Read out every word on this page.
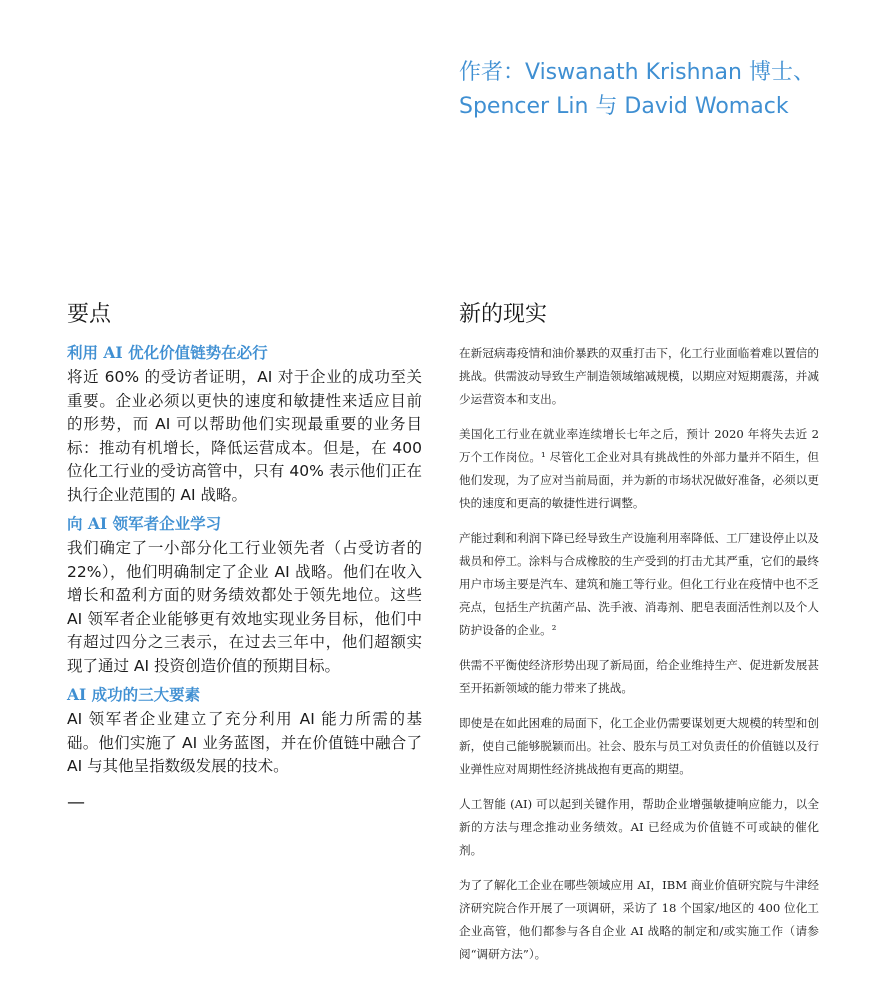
作者：Viswanath Krishnan 博士、
Spencer Lin 与 David Womack
要点
利用 AI 优化价值链势在必行

将近 60% 的受访者证明，AI 对于企业的成功至关重要。企业必须以更快的速度和敏捷性来适应目前的形势，而 AI 可以帮助他们实现最重要的业务目标：推动有机增长，降低运营成本。但是，在 400 位化工行业的受访高管中，只有 40% 表示他们正在执行企业范围的 AI 战略。

向 AI 领军者企业学习

我们确定了一小部分化工行业领先者（占受访者的 22%），他们明确制定了企业 AI 战略。他们在收入增长和盈利方面的财务绩效都处于领先地位。这些 AI 领军者企业能够更有效地实现业务目标，他们中有超过四分之三表示，在过去三年中，他们超额实现了通过 AI 投资创造价值的预期目标。

AI 成功的三大要素

AI 领军者企业建立了充分利用 AI 能力所需的基础。他们实施了 AI 业务蓝图，并在价值链中融合了 AI 与其他呈指数级发展的技术。

—
新的现实

在新冠病毒疫情和油价暴跌的双重打击下，化工行业面临着难以置信的挑战。供需波动导致生产制造领域缩减规模，以期应对短期震荡，并减少运营资本和支出。

美国化工行业在就业率连续增长七年之后，预计 2020 年将失去近 2 万个工作岗位。¹ 尽管化工企业对具有挑战性的外部力量并不陌生，但他们发现，为了应对当前局面，并为新的市场状况做好准备，必须以更快的速度和更高的敏捷性进行调整。

产能过剩和利润下降已经导致生产设施利用率降低、工厂建设停止以及裁员和停工。涂料与合成橡胶的生产受到的打击尤其严重，它们的最终用户市场主要是汽车、建筑和施工等行业。但化工行业在疫情中也不乏亮点，包括生产抗菌产品、洗手液、消毒剂、肥皂表面活性剂以及个人防护设备的企业。²

供需不平衡使经济形势出现了新局面，给企业维持生产、促进新发展甚至开拓新领域的能力带来了挑战。

即使是在如此困难的局面下，化工企业仍需要谋划更大规模的转型和创新，使自己能够脱颖而出。社会、股东与员工对负责任的价值链以及行业弹性应对周期性经济挑战抱有更高的期望。

人工智能 (AI) 可以起到关键作用，帮助企业增强敏捷响应能力，以全新的方法与理念推动业务绩效。AI 已经成为价值链不可或缺的催化剂。

为了了解化工企业在哪些领域应用 AI，IBM 商业价值研究院与牛津经济研究院合作开展了一项调研，采访了 18 个国家/地区的 400 位化工企业高管，他们都参与各自企业 AI 战略的制定和/或实施工作（请参阅“调研方法”）。
